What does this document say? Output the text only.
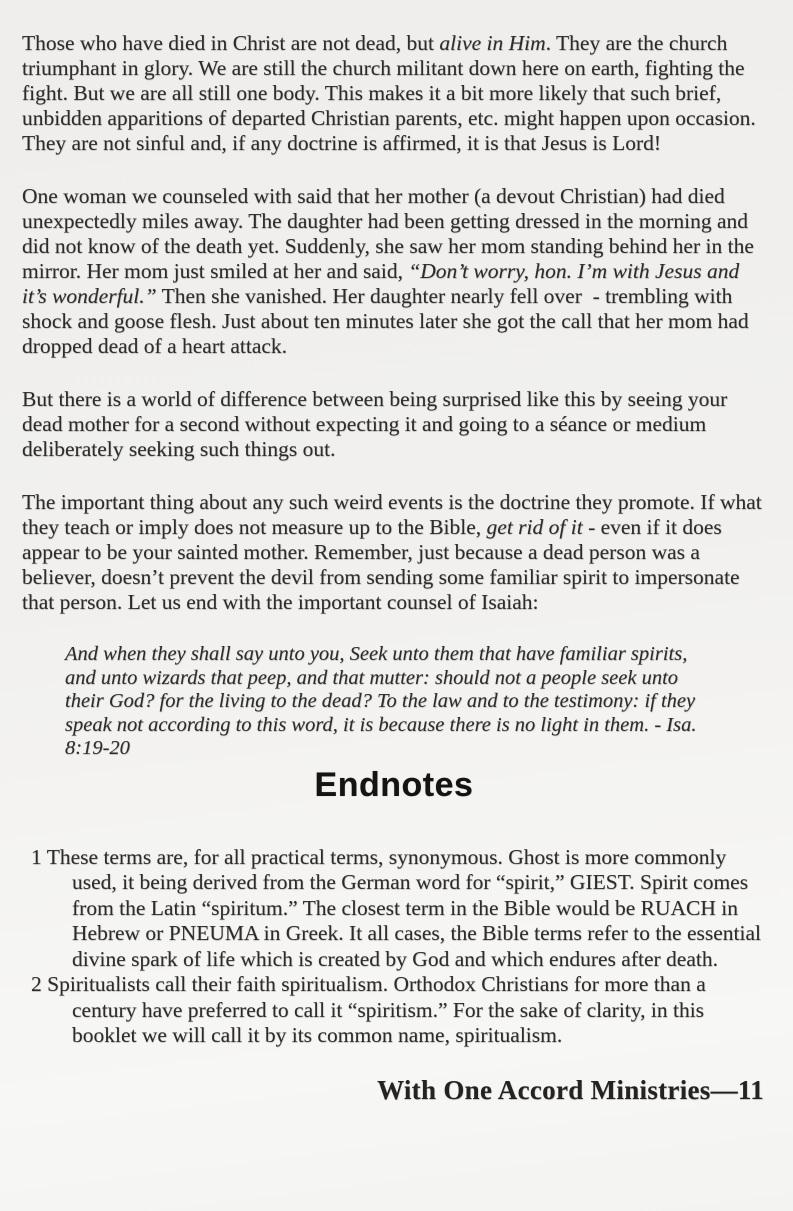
Those who have died in Christ are not dead, but alive in Him. They are the church triumphant in glory. We are still the church militant down here on earth, fighting the fight. But we are all still one body. This makes it a bit more likely that such brief, unbidden apparitions of departed Christian parents, etc. might happen upon occasion. They are not sinful and, if any doctrine is affirmed, it is that Jesus is Lord!

One woman we counseled with said that her mother (a devout Christian) had died unexpectedly miles away. The daughter had been getting dressed in the morning and did not know of the death yet. Suddenly, she saw her mom standing behind her in the mirror. Her mom just smiled at her and said, “Don’t worry, hon. I’m with Jesus and it’s wonderful.” Then she vanished. Her daughter nearly fell over  - trembling with shock and goose flesh. Just about ten minutes later she got the call that her mom had dropped dead of a heart attack.

But there is a world of difference between being surprised like this by seeing your dead mother for a second without expecting it and going to a séance or medium deliberately seeking such things out.

The important thing about any such weird events is the doctrine they promote. If what they teach or imply does not measure up to the Bible, get rid of it - even if it does appear to be your sainted mother. Remember, just because a dead person was a believer, doesn’t prevent the devil from sending some familiar spirit to impersonate that person. Let us end with the important counsel of Isaiah:

And when they shall say unto you, Seek unto them that have familiar spirits, and unto wizards that peep, and that mutter: should not a people seek unto their God? for the living to the dead? To the law and to the testimony: if they speak not according to this word, it is because there is no light in them. - Isa. 8:19-20
Endnotes

1 These terms are, for all practical terms, synonymous. Ghost is more commonly used, it being derived from the German word for “spirit,” GIEST. Spirit comes from the Latin “spiritum.” The closest term in the Bible would be RUACH in Hebrew or PNEUMA in Greek. It all cases, the Bible terms refer to the essential divine spark of life which is created by God and which endures after death.

2 Spiritualists call their faith spiritualism. Orthodox Christians for more than a century have preferred to call it “spiritism.” For the sake of clarity, in this booklet we will call it by its common name, spiritualism.

With One Accord Ministries—11
